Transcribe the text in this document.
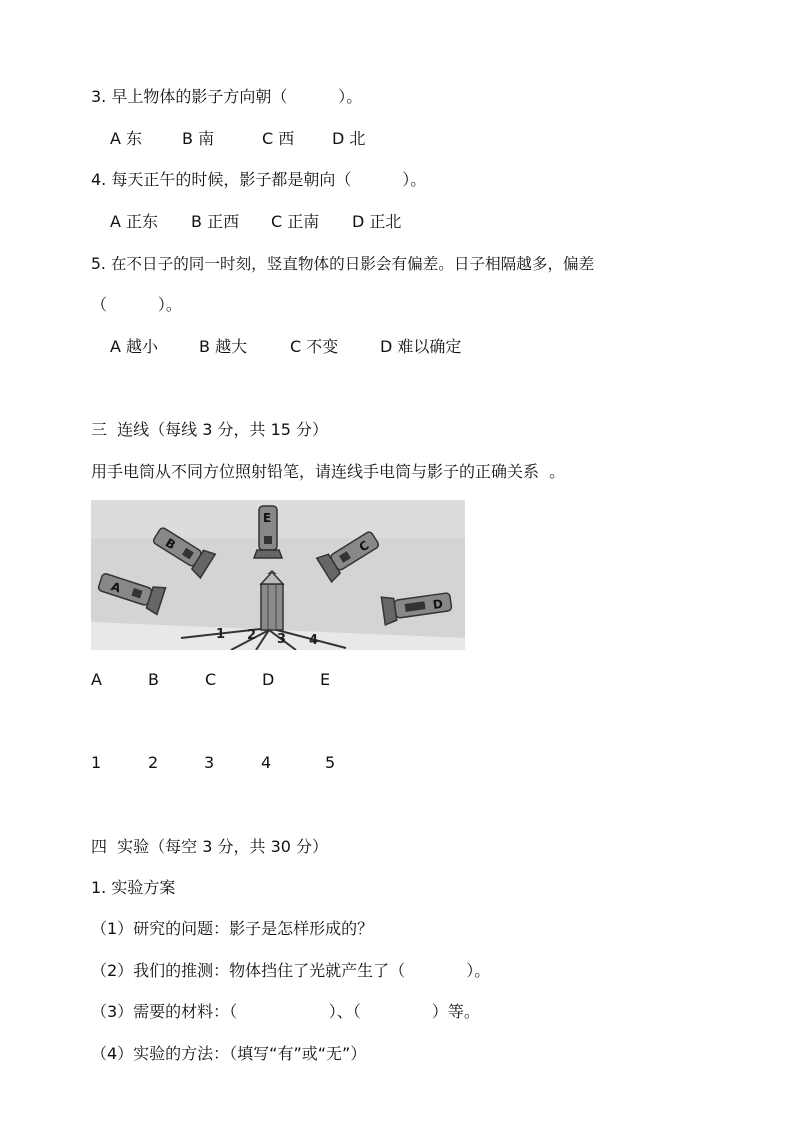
3. 早上物体的影子方向朝（          ）。
A 东 B 南	C 西 D 北
4. 每天正午的时候，影子都是朝向（          ）。
A 正东 B 正西 C 正南 D 正北
5. 在不日子的同一时刻，竖直物体的日影会有偏差。日子相隔越多，偏差
（          ）。
A 越小	B 越大	C 不变	D 难以确定
三  连线（每线 3 分，共 15 分）
用手电筒从不同方位照射铅笔，请连线手电筒与影子的正确关系  。
1 2 3 4
A
B
E
C
D
A	B	C	D	E
1	2	3	4	5
四  实验（每空 3 分，共 30 分）
1. 实验方案
（1）研究的问题：影子是怎样形成的？
（2）我们的推测：物体挡住了光就产生了（            ）。
（3）需要的材料：（                  ）、（              ）等。
（4）实验的方法：（填写“有”或“无”）
